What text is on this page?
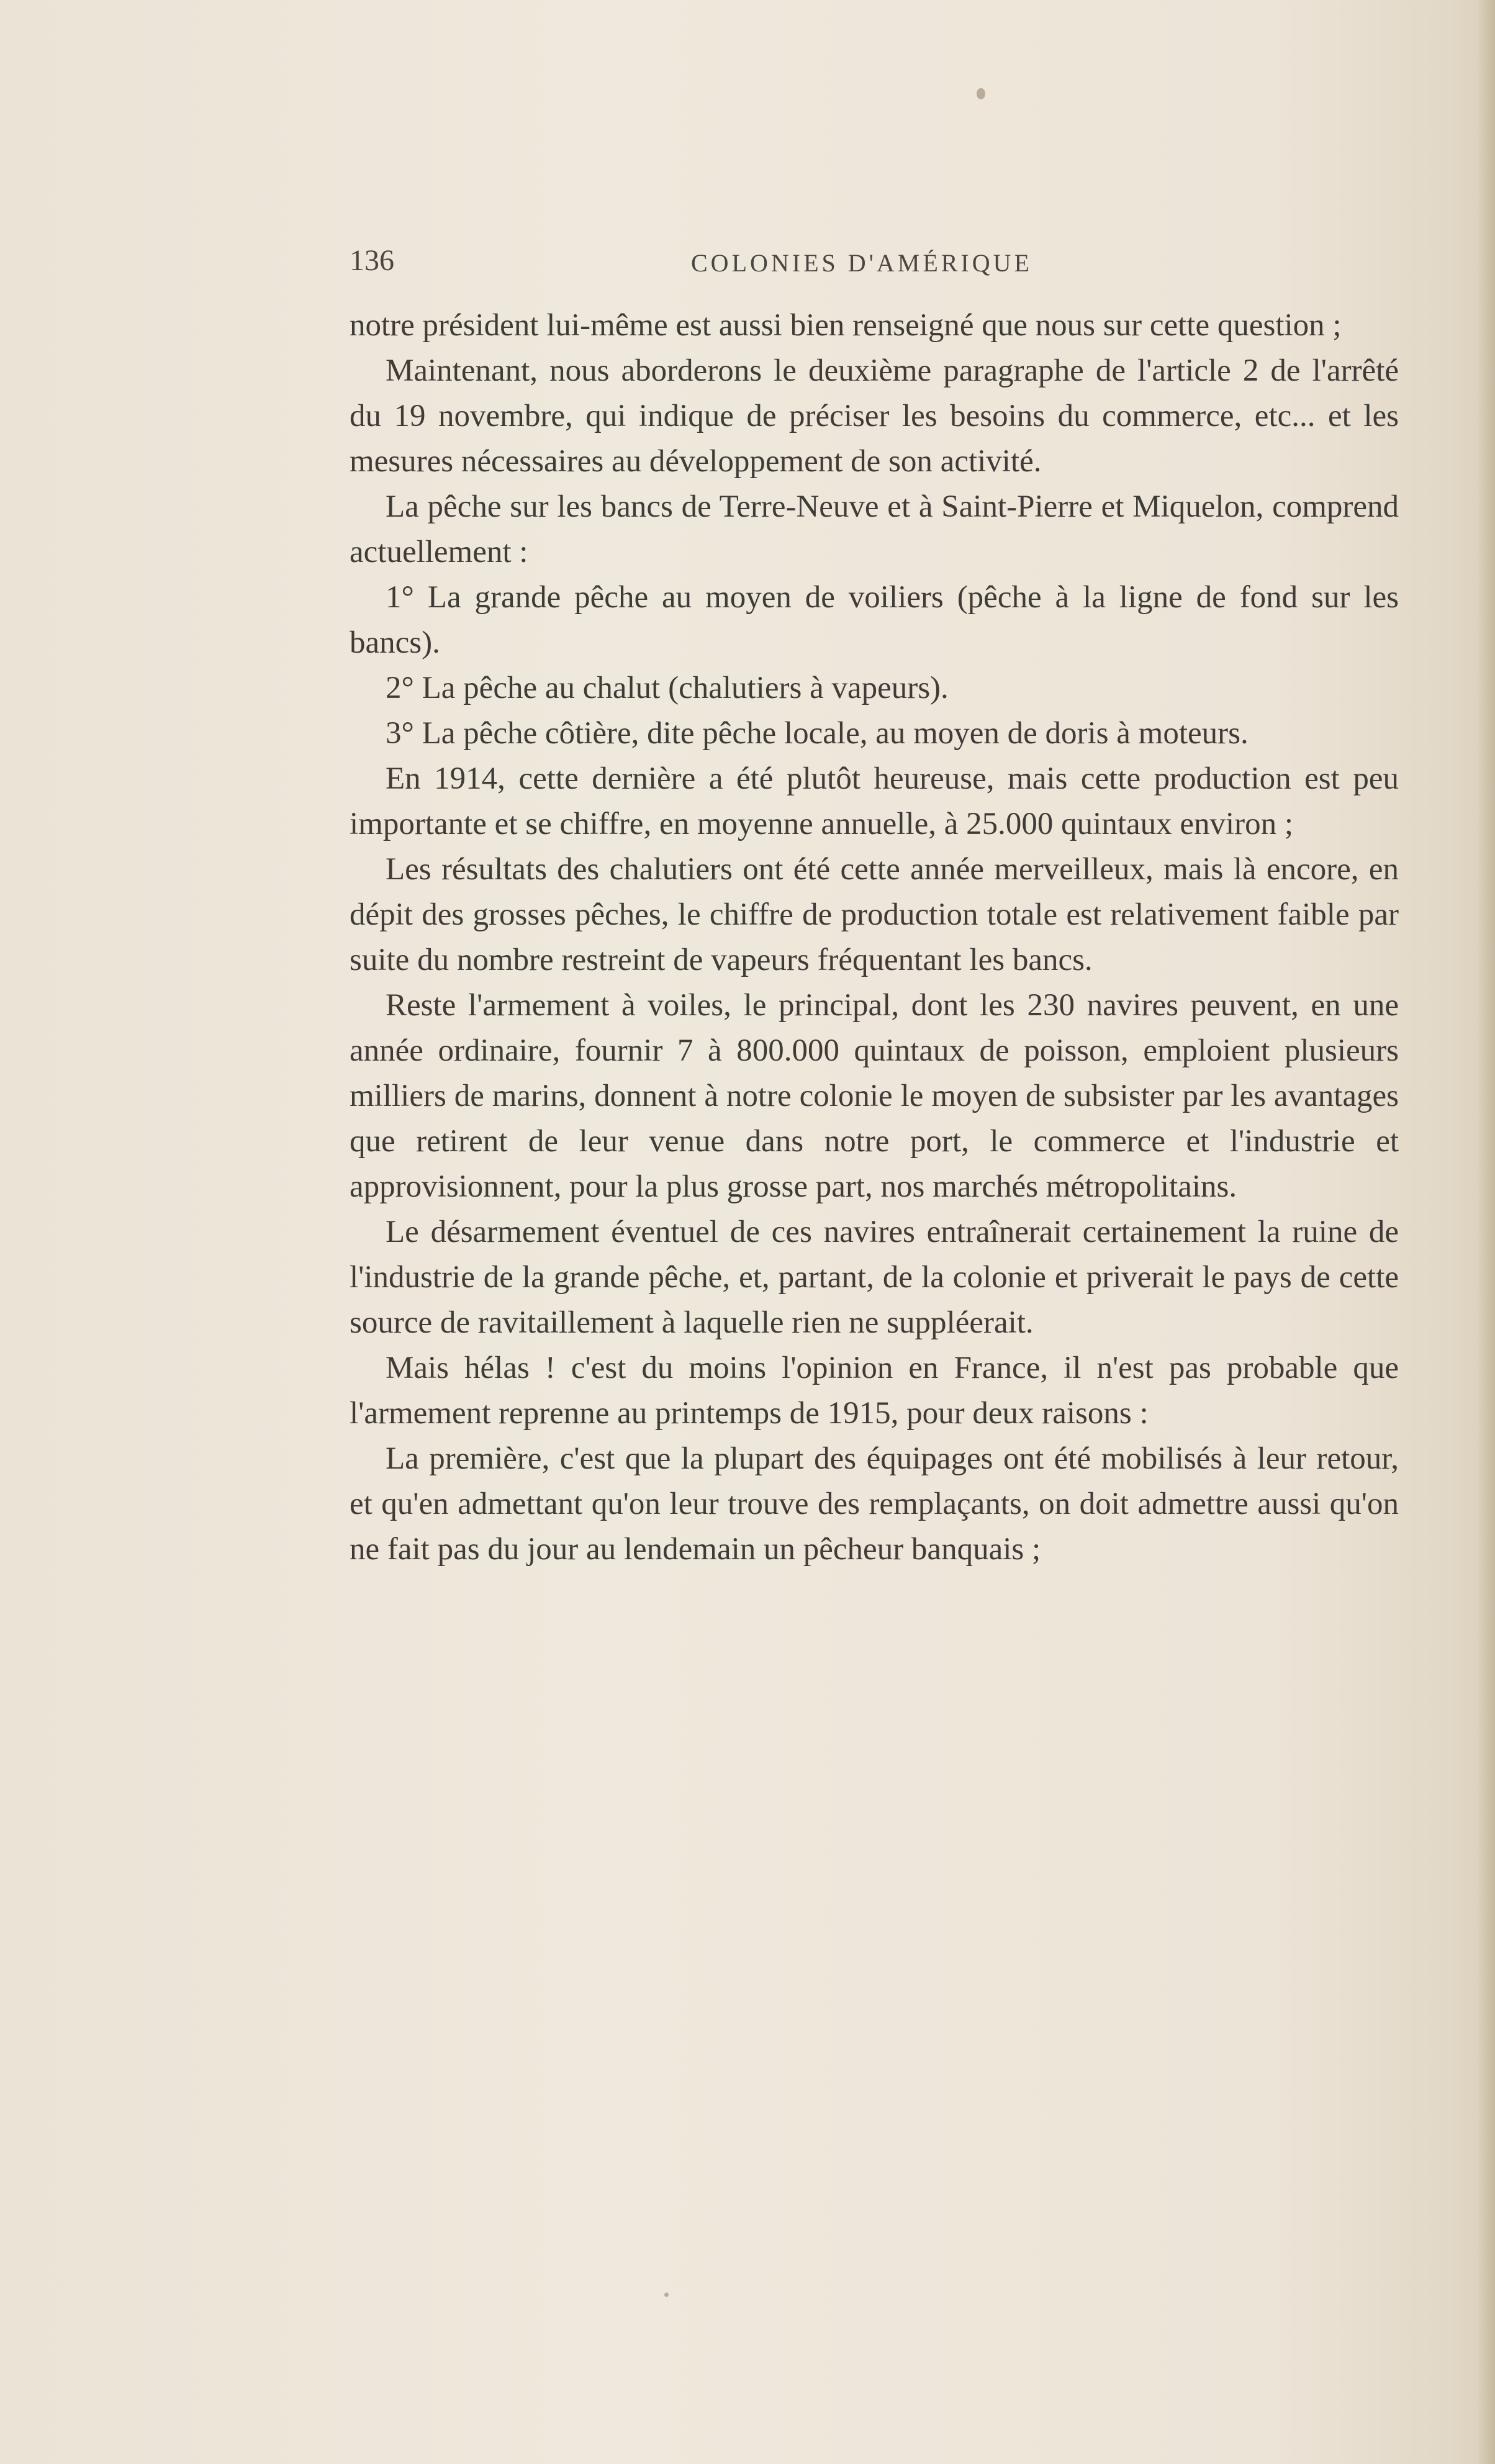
136	COLONIES D'AMÉRIQUE

notre président lui-même est aussi bien renseigné que nous sur cette question ;

Maintenant, nous aborderons le deuxième paragraphe de l'article 2 de l'arrêté du 19 novembre, qui indique de préciser les besoins du commerce, etc... et les mesures nécessaires au développement de son activité.

La pêche sur les bancs de Terre-Neuve et à Saint-Pierre et Miquelon, comprend actuellement :

1° La grande pêche au moyen de voiliers (pêche à la ligne de fond sur les bancs).

2° La pêche au chalut (chalutiers à vapeurs).

3° La pêche côtière, dite pêche locale, au moyen de doris à moteurs.

En 1914, cette dernière a été plutôt heureuse, mais cette production est peu importante et se chiffre, en moyenne annuelle, à 25.000 quintaux environ ;

Les résultats des chalutiers ont été cette année merveilleux, mais là encore, en dépit des grosses pêches, le chiffre de production totale est relativement faible par suite du nombre restreint de vapeurs fréquentant les bancs.

Reste l'armement à voiles, le principal, dont les 230 navires peuvent, en une année ordinaire, fournir 7 à 800.000 quintaux de poisson, emploient plusieurs milliers de marins, donnent à notre colonie le moyen de subsister par les avantages que retirent de leur venue dans notre port, le commerce et l'industrie et approvisionnent, pour la plus grosse part, nos marchés métropolitains.

Le désarmement éventuel de ces navires entraînerait certainement la ruine de l'industrie de la grande pêche, et, partant, de la colonie et priverait le pays de cette source de ravitaillement à laquelle rien ne suppléerait.

Mais hélas ! c'est du moins l'opinion en France, il n'est pas probable que l'armement reprenne au printemps de 1915, pour deux raisons :

La première, c'est que la plupart des équipages ont été mobilisés à leur retour, et qu'en admettant qu'on leur trouve des remplaçants, on doit admettre aussi qu'on ne fait pas du jour au lendemain un pêcheur banquais ;
